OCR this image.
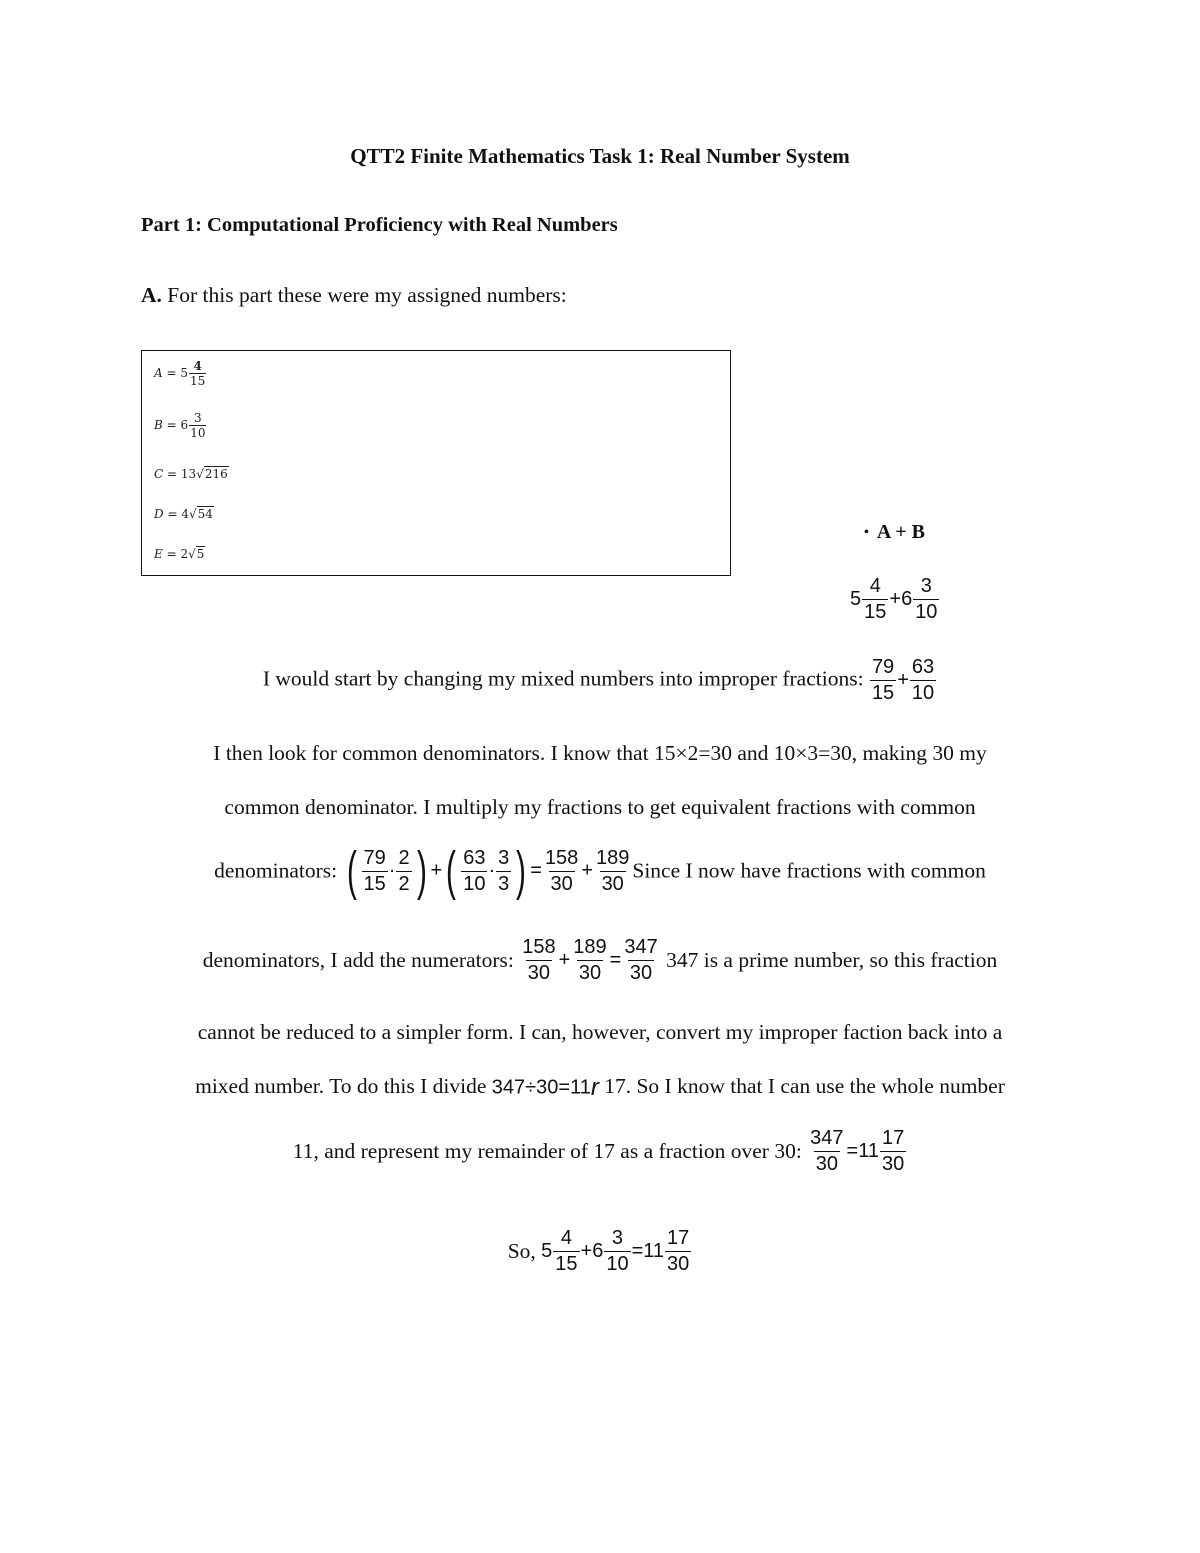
QTT2 Finite Mathematics Task 1: Real Number System
Part 1: Computational Proficiency with Real Numbers
A. For this part these were my assigned numbers:
$A = 5 \frac{4}{15}$
$B = 6 \frac{3}{10}$
C = 13√216
D = 4√54
E = 2√5
• A + B
$5 \frac{4}{15} +6 \frac{3}{10}$
I would start by changing my mixed numbers into improper fractions: $\frac{79}{15} + \frac{63}{10}$
I then look for common denominators. I know that 15×2=30 and 10×3=30, making 30 my
common denominator. I multiply my fractions to get equivalent fractions with common
denominators: ( $\frac{79}{15} \cdot \frac{2}{2}$ ) +( $\frac{63}{10} \cdot \frac{3}{3}$ ) = $\frac{158}{30} + \frac{189}{30}$ Since I now have fractions with common
denominators, I add the numerators: $\frac{158}{30} + \frac{189}{30} = \frac{347}{30} 347$ is a prime number, so this fraction
cannot be reduced to a simpler form. I can, however, convert my improper faction back into a
mixed number. To do this I divide 347÷30=11r 17. So I know that I can use the whole number
11, and represent my remainder of 17 as a fraction over 30: $\frac{347}{30} =11 \frac{17}{30}$
So, $5 \frac{4}{15} +6 \frac{3}{10} =11 \frac{17}{30}$
